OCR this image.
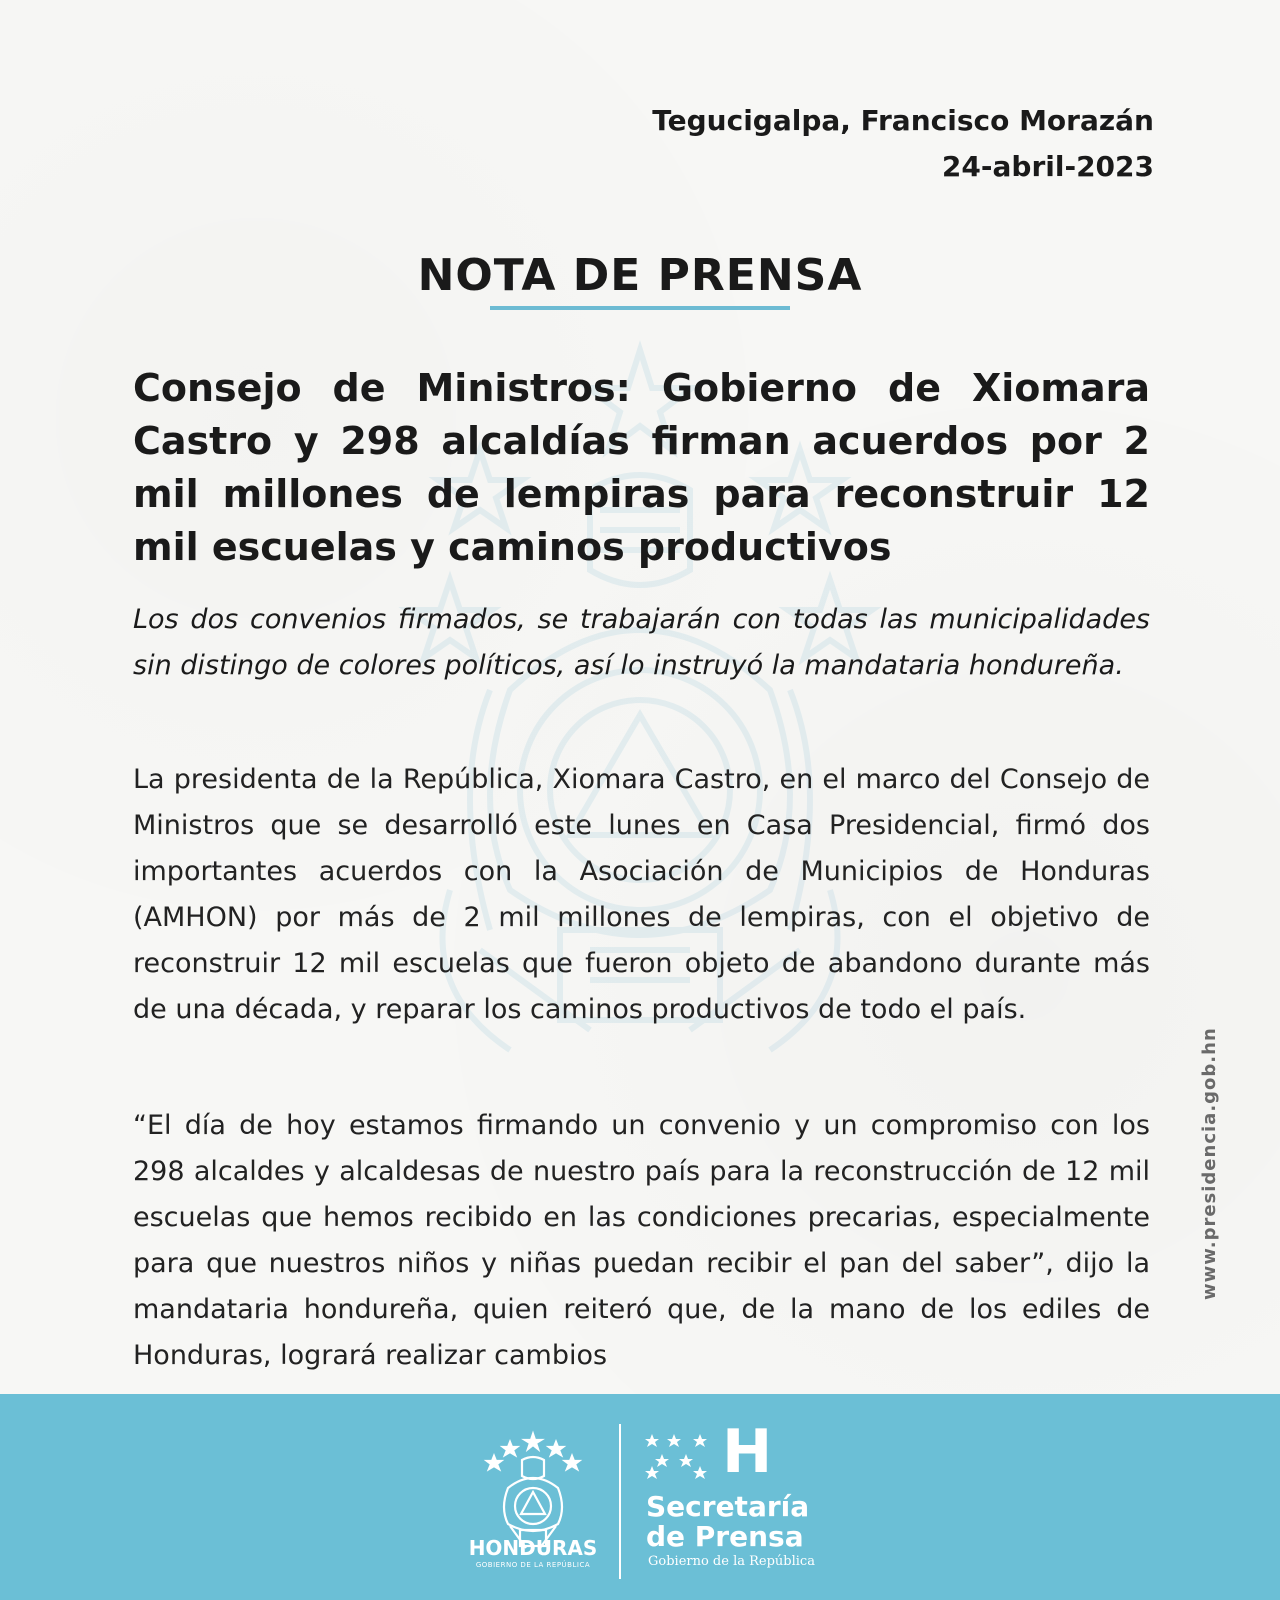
Tegucigalpa, Francisco Morazán
24-abril-2023
NOTA DE PRENSA
Consejo de Ministros: Gobierno de Xiomara Castro y 298 alcaldías firman acuerdos por 2 mil millones de lempiras para reconstruir 12 mil escuelas y caminos productivos
Los dos convenios firmados, se trabajarán con todas las municipalidades sin distingo de colores políticos, así lo instruyó la mandataria hondureña.
La presidenta de la República, Xiomara Castro, en el marco del Consejo de Ministros que se desarrolló este lunes en Casa Presidencial, firmó dos importantes acuerdos con la Asociación de Municipios de Honduras (AMHON) por más de 2 mil millones de lempiras, con el objetivo de reconstruir 12 mil escuelas que fueron objeto de abandono durante más de una década, y reparar los caminos productivos de todo el país.
“El día de hoy estamos firmando un convenio y un compromiso con los 298 alcaldes y alcaldesas de nuestro país para la reconstrucción de 12 mil escuelas que hemos recibido en las condiciones precarias, especialmente para que nuestros niños y niñas puedan recibir el pan del saber”, dijo la mandataria hondureña, quien reiteró que, de la mano de los ediles de Honduras, logrará realizar cambios
www.presidencia.gob.hn
HONDURAS
GOBIERNO DE LA REPÚBLICA
H
Secretaría
de Prensa
Gobierno de la República
